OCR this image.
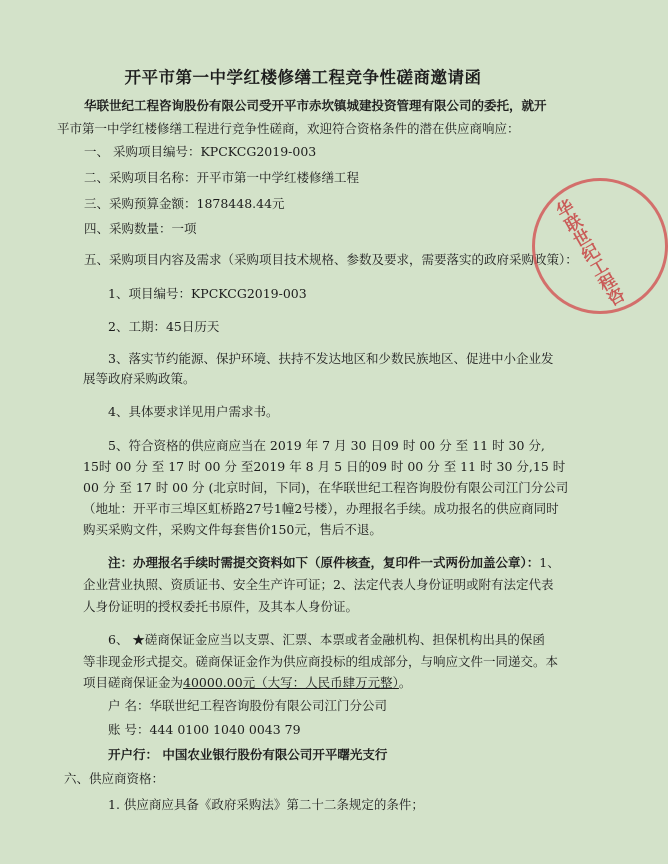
开平市第一中学红楼修缮工程竞争性磋商邀请函
华联世纪工程咨询股份有限公司受开平市赤坎镇城建投资管理有限公司的委托，就开
平市第一中学红楼修缮工程进行竞争性磋商，欢迎符合资格条件的潜在供应商响应：
一、 采购项目编号：KPCKCG2019-003
二、采购项目名称：开平市第一中学红楼修缮工程
三、采购预算金额：1878448.44元
四、采购数量：一项
五、采购项目内容及需求（采购项目技术规格、参数及要求，需要落实的政府采购政策）：
1、项目编号：KPCKCG2019-003
2、工期：45日历天
3、落实节约能源、保护环境、扶持不发达地区和少数民族地区、促进中小企业发
展等政府采购政策。
4、具体要求详见用户需求书。
5、符合资格的供应商应当在 2019 年 7 月 30 日09 时 00 分 至 11 时 30 分,
15时 00 分 至 17 时 00 分 至2019 年 8 月 5 日的09 时 00 分 至 11 时 30 分,15 时
00 分 至 17 时 00 分 (北京时间，下同)，在华联世纪工程咨询股份有限公司江门分公司
（地址：开平市三埠区虹桥路27号1幢2号楼），办理报名手续。成功报名的供应商同时
购买采购文件，采购文件每套售价150元，售后不退。
注：办理报名手续时需提交资料如下（原件核查，复印件一式两份加盖公章）：1、
企业营业执照、资质证书、安全生产许可证；2、法定代表人身份证明或附有法定代表
人身份证明的授权委托书原件，及其本人身份证。
6、 ★磋商保证金应当以支票、汇票、本票或者金融机构、担保机构出具的保函
等非现金形式提交。磋商保证金作为供应商投标的组成部分，与响应文件一同递交。本
项目磋商保证金为40000.00元（大写：人民币肆万元整）。
户 名：华联世纪工程咨询股份有限公司江门分公司
账 号：444 0100 1040 0043 79
开户行： 中国农业银行股份有限公司开平曙光支行
六、供应商资格：
1. 供应商应具备《政府采购法》第二十二条规定的条件；
华联世纪工程咨
